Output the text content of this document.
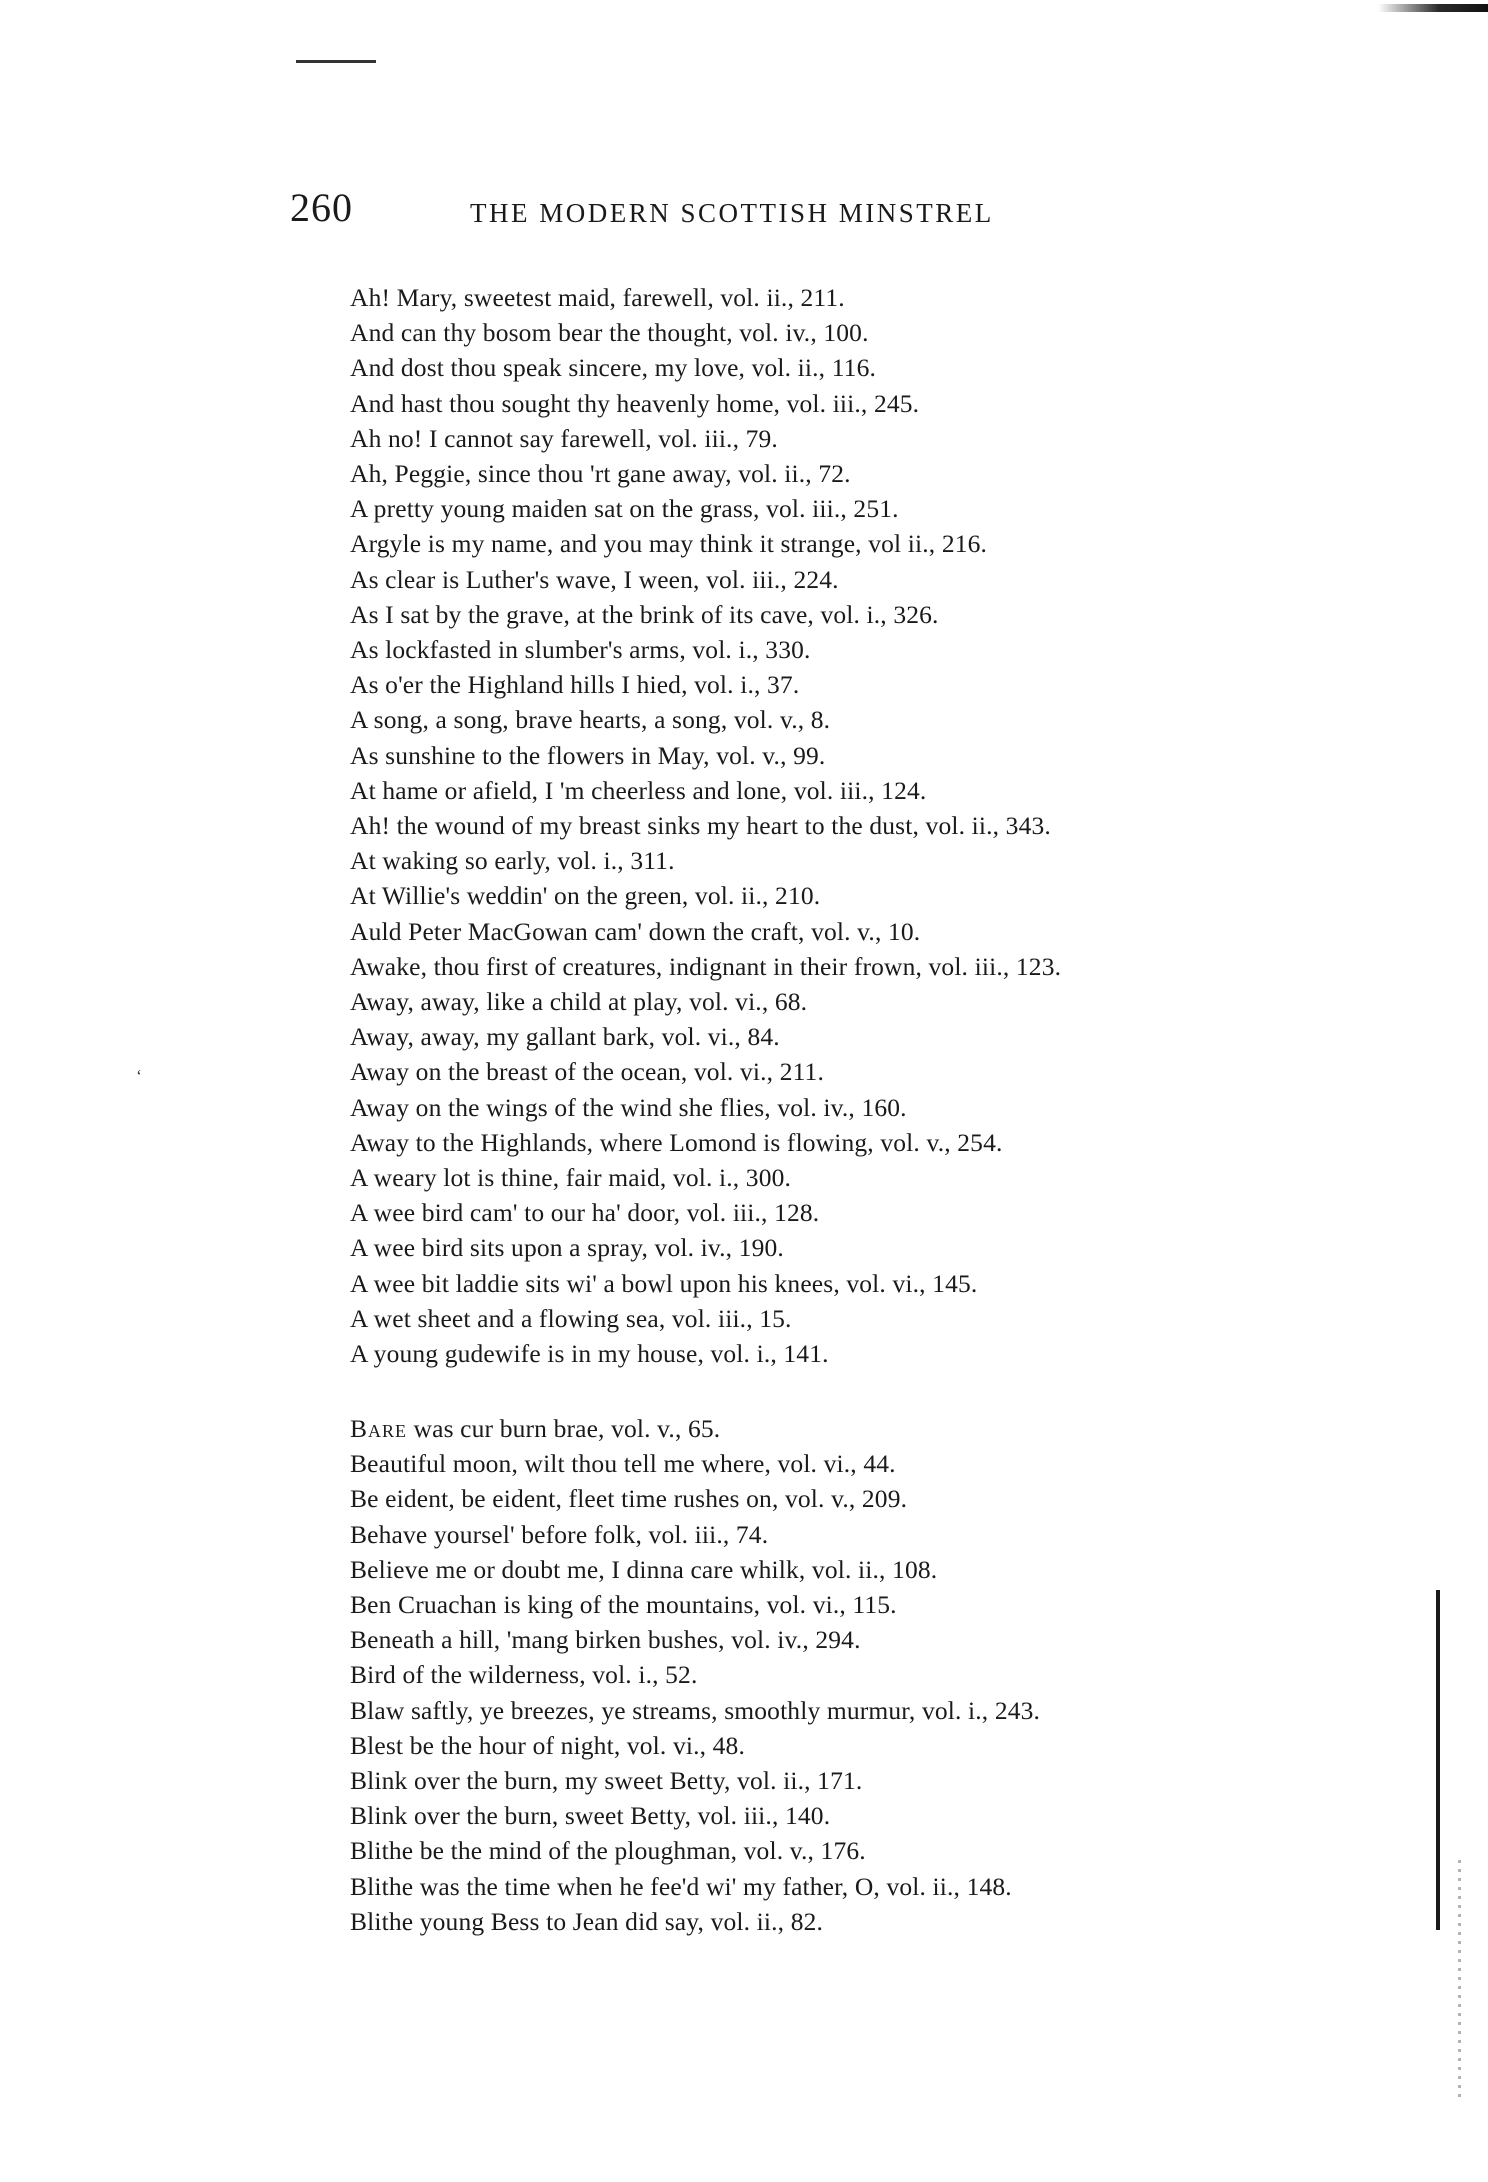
‘
260	THE MODERN SCOTTISH MINSTREL
Ah! Mary, sweetest maid, farewell, vol. ii., 211.
And can thy bosom bear the thought, vol. iv., 100.
And dost thou speak sincere, my love, vol. ii., 116.
And hast thou sought thy heavenly home, vol. iii., 245.
Ah no! I cannot say farewell, vol. iii., 79.
Ah, Peggie, since thou 'rt gane away, vol. ii., 72.
A pretty young maiden sat on the grass, vol. iii., 251.
Argyle is my name, and you may think it strange, vol ii., 216.
As clear is Luther's wave, I ween, vol. iii., 224.
As I sat by the grave, at the brink of its cave, vol. i., 326.
As lockfasted in slumber's arms, vol. i., 330.
As o'er the Highland hills I hied, vol. i., 37.
A song, a song, brave hearts, a song, vol. v., 8.
As sunshine to the flowers in May, vol. v., 99.
At hame or afield, I 'm cheerless and lone, vol. iii., 124.
Ah! the wound of my breast sinks my heart to the dust, vol. ii., 343.
At waking so early, vol. i., 311.
At Willie's weddin' on the green, vol. ii., 210.
Auld Peter MacGowan cam' down the craft, vol. v., 10.
Awake, thou first of creatures, indignant in their frown, vol. iii., 123.
Away, away, like a child at play, vol. vi., 68.
Away, away, my gallant bark, vol. vi., 84.
Away on the breast of the ocean, vol. vi., 211.
Away on the wings of the wind she flies, vol. iv., 160.
Away to the Highlands, where Lomond is flowing, vol. v., 254.
A weary lot is thine, fair maid, vol. i., 300.
A wee bird cam' to our ha' door, vol. iii., 128.
A wee bird sits upon a spray, vol. iv., 190.
A wee bit laddie sits wi' a bowl upon his knees, vol. vi., 145.
A wet sheet and a flowing sea, vol. iii., 15.
A young gudewife is in my house, vol. i., 141.
Bare was cur burn brae, vol. v., 65.
Beautiful moon, wilt thou tell me where, vol. vi., 44.
Be eident, be eident, fleet time rushes on, vol. v., 209.
Behave yoursel' before folk, vol. iii., 74.
Believe me or doubt me, I dinna care whilk, vol. ii., 108.
Ben Cruachan is king of the mountains, vol. vi., 115.
Beneath a hill, 'mang birken bushes, vol. iv., 294.
Bird of the wilderness, vol. i., 52.
Blaw saftly, ye breezes, ye streams, smoothly murmur, vol. i., 243.
Blest be the hour of night, vol. vi., 48.
Blink over the burn, my sweet Betty, vol. ii., 171.
Blink over the burn, sweet Betty, vol. iii., 140.
Blithe be the mind of the ploughman, vol. v., 176.
Blithe was the time when he fee'd wi' my father, O, vol. ii., 148.
Blithe young Bess to Jean did say, vol. ii., 82.
